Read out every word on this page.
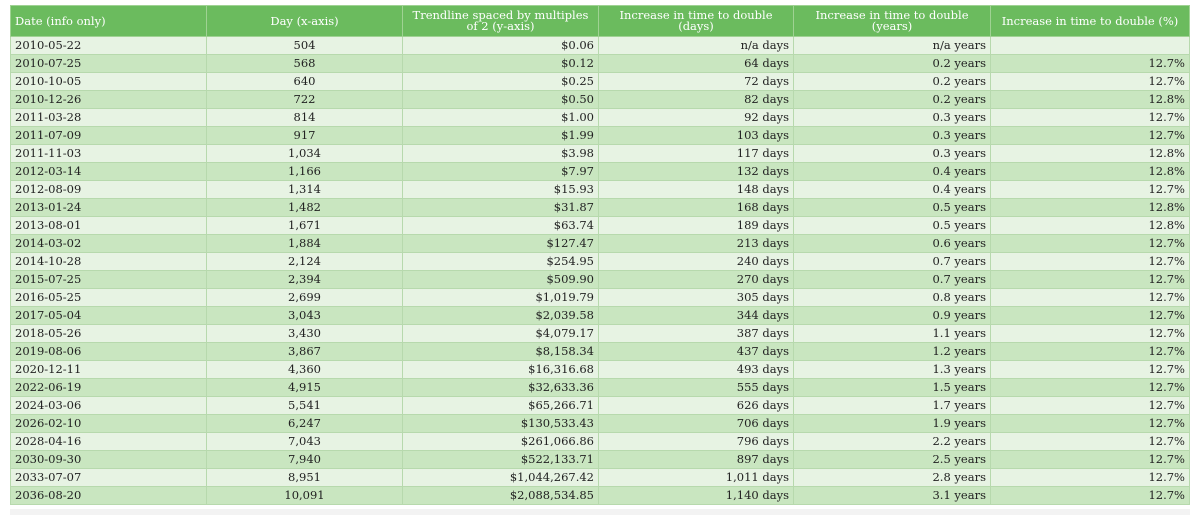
Date (info only)	Day (x-axis)	Trendline spaced by multiples of 2 (y-axis)	Increase in time to double (days)	Increase in time to double (years)	Increase in time to double (%)
2010-05-22	504	$0.06	n/a days	n/a years	
2010-07-25	568	$0.12	64 days	0.2 years	12.7%
2010-10-05	640	$0.25	72 days	0.2 years	12.7%
2010-12-26	722	$0.50	82 days	0.2 years	12.8%
2011-03-28	814	$1.00	92 days	0.3 years	12.7%
2011-07-09	917	$1.99	103 days	0.3 years	12.7%
2011-11-03	1,034	$3.98	117 days	0.3 years	12.8%
2012-03-14	1,166	$7.97	132 days	0.4 years	12.8%
2012-08-09	1,314	$15.93	148 days	0.4 years	12.7%
2013-01-24	1,482	$31.87	168 days	0.5 years	12.8%
2013-08-01	1,671	$63.74	189 days	0.5 years	12.8%
2014-03-02	1,884	$127.47	213 days	0.6 years	12.7%
2014-10-28	2,124	$254.95	240 days	0.7 years	12.7%
2015-07-25	2,394	$509.90	270 days	0.7 years	12.7%
2016-05-25	2,699	$1,019.79	305 days	0.8 years	12.7%
2017-05-04	3,043	$2,039.58	344 days	0.9 years	12.7%
2018-05-26	3,430	$4,079.17	387 days	1.1 years	12.7%
2019-08-06	3,867	$8,158.34	437 days	1.2 years	12.7%
2020-12-11	4,360	$16,316.68	493 days	1.3 years	12.7%
2022-06-19	4,915	$32,633.36	555 days	1.5 years	12.7%
2024-03-06	5,541	$65,266.71	626 days	1.7 years	12.7%
2026-02-10	6,247	$130,533.43	706 days	1.9 years	12.7%
2028-04-16	7,043	$261,066.86	796 days	2.2 years	12.7%
2030-09-30	7,940	$522,133.71	897 days	2.5 years	12.7%
2033-07-07	8,951	$1,044,267.42	1,011 days	2.8 years	12.7%
2036-08-20	10,091	$2,088,534.85	1,140 days	3.1 years	12.7%
